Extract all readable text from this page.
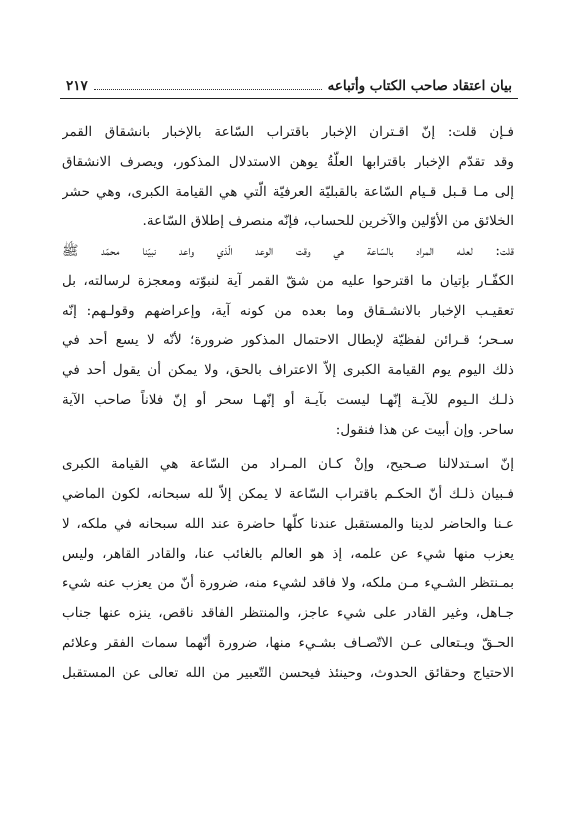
بيان اعتقاد صاحب الكتاب وأتباعه
٢١٧
فـإن قلت: إنّ اقـتران الإخبار باقتراب السّاعة بالإخبار بانشقاق القمر
وقد تقدّم الإخبار باقترابها العلّةُ يوهن الاستدلال المذكور، ويصرف الانشقاق
إلى مـا قـبل قـيام السّاعة بالقبليّة العرفيّة الّتي هي القيامة الكبرى، وهي حشر
الخلائق من الأوّلين والآخرين للحساب، فإنّه منصرف إطلاق السّاعة.
قلت: لعلـه المراد بالسّاعة هي وقت الوعد الّذي واعد نبيّنا محمّد ﷺ
الكفّـار بإتيان ما اقترحوا عليه من شقّ القمر آية لنبوّته ومعجزة لرسالته، بل
تعقيـب الإخبار بالانشـقاق وما بعده من كونه آية، وإعراضهم وقولـهم: إنّه
سـحر؛ قـرائن لفظيّة لإبطال الاحتمال المذكور ضرورة؛ لأنّه لا يسع أحد في
ذلك اليوم يوم القيامة الكبرى إلاّ الاعتراف بالحق، ولا يمكن أن يقول أحد في
ذلـك الـيوم للآيـة إنّهـا ليست بآيـة أو إنّهـا سحر أو إنّ فلاناً صاحب الآية
ساحر. وإن أبيت عن هذا فنقول:
إنّ اسـتدلالنا صـحيح، وإنْ كـان المـراد من السّاعة هي القيامة الكبرى
فـبيان ذلـك أنّ الحكـم باقتراب السّاعة لا يمكن إلاّ لله سبحانه، لكون الماضي
عـنا والحاضر لدينا والمستقبل عندنا كلّها حاضرة عند الله سبحانه في ملكه، لا
يعزب منها شيء عن علمه، إذ هو العالم بالغائب عنا، والقادر القاهر، وليس
بمـنتظر الشـيء مـن ملكه، ولا فاقد لشيء منه، ضرورة أنّ من يعزب عنه شيء
جـاهل، وغير القادر على شيء عاجز، والمنتظر الفاقد ناقص، ينزه عنها جناب
الحـقّ ويـتعالى عـن الاتّصـاف بشـيء منها، ضرورة أنّهما سمات الفقر وعلائم
الاحتياج وحقائق الحدوث، وحينئذ فيحسن التّعبير من الله تعالى عن المستقبل
